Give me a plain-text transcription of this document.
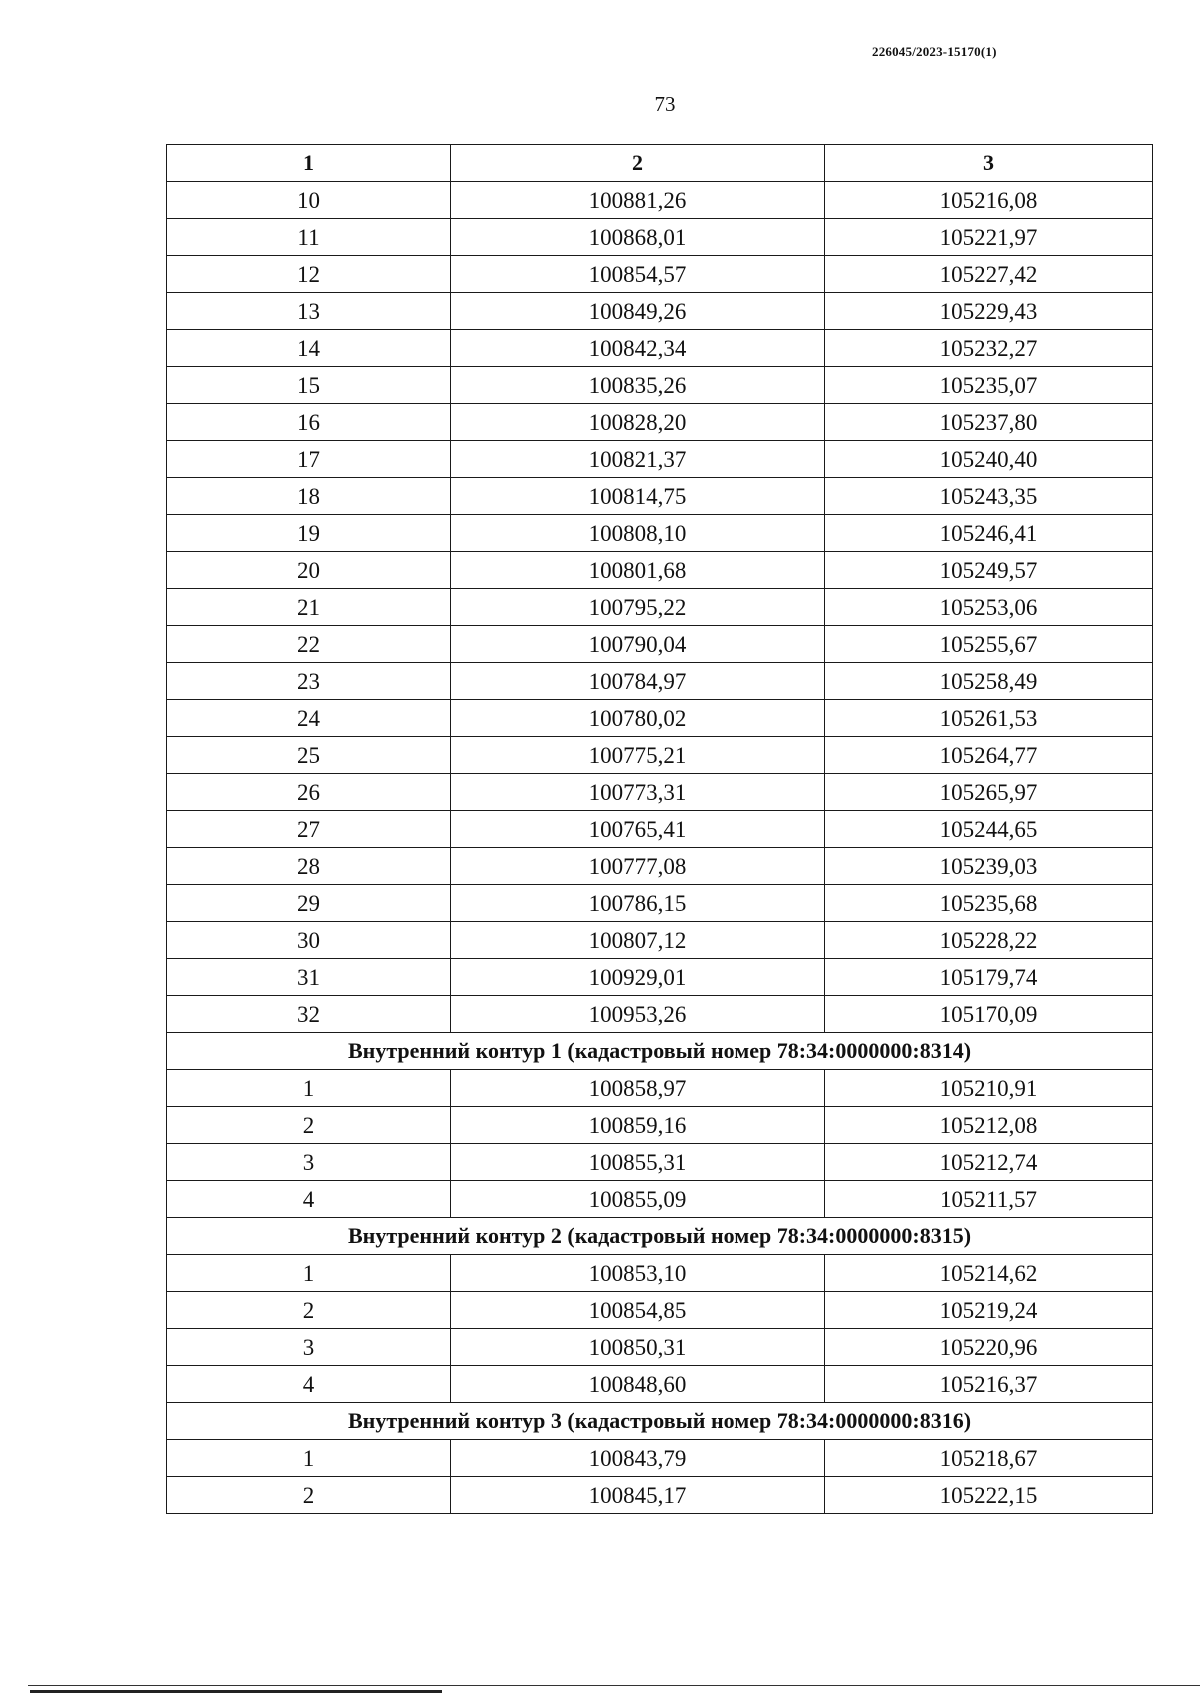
226045/2023-15170(1)
73
1	2	3
10	100881,26	105216,08
11	100868,01	105221,97
12	100854,57	105227,42
13	100849,26	105229,43
14	100842,34	105232,27
15	100835,26	105235,07
16	100828,20	105237,80
17	100821,37	105240,40
18	100814,75	105243,35
19	100808,10	105246,41
20	100801,68	105249,57
21	100795,22	105253,06
22	100790,04	105255,67
23	100784,97	105258,49
24	100780,02	105261,53
25	100775,21	105264,77
26	100773,31	105265,97
27	100765,41	105244,65
28	100777,08	105239,03
29	100786,15	105235,68
30	100807,12	105228,22
31	100929,01	105179,74
32	100953,26	105170,09
Внутренний контур 1 (кадастровый номер 78:34:0000000:8314)		
1	100858,97	105210,91
2	100859,16	105212,08
3	100855,31	105212,74
4	100855,09	105211,57
Внутренний контур 2 (кадастровый номер 78:34:0000000:8315)		
1	100853,10	105214,62
2	100854,85	105219,24
3	100850,31	105220,96
4	100848,60	105216,37
Внутренний контур 3 (кадастровый номер 78:34:0000000:8316)		
1	100843,79	105218,67
2	100845,17	105222,15
